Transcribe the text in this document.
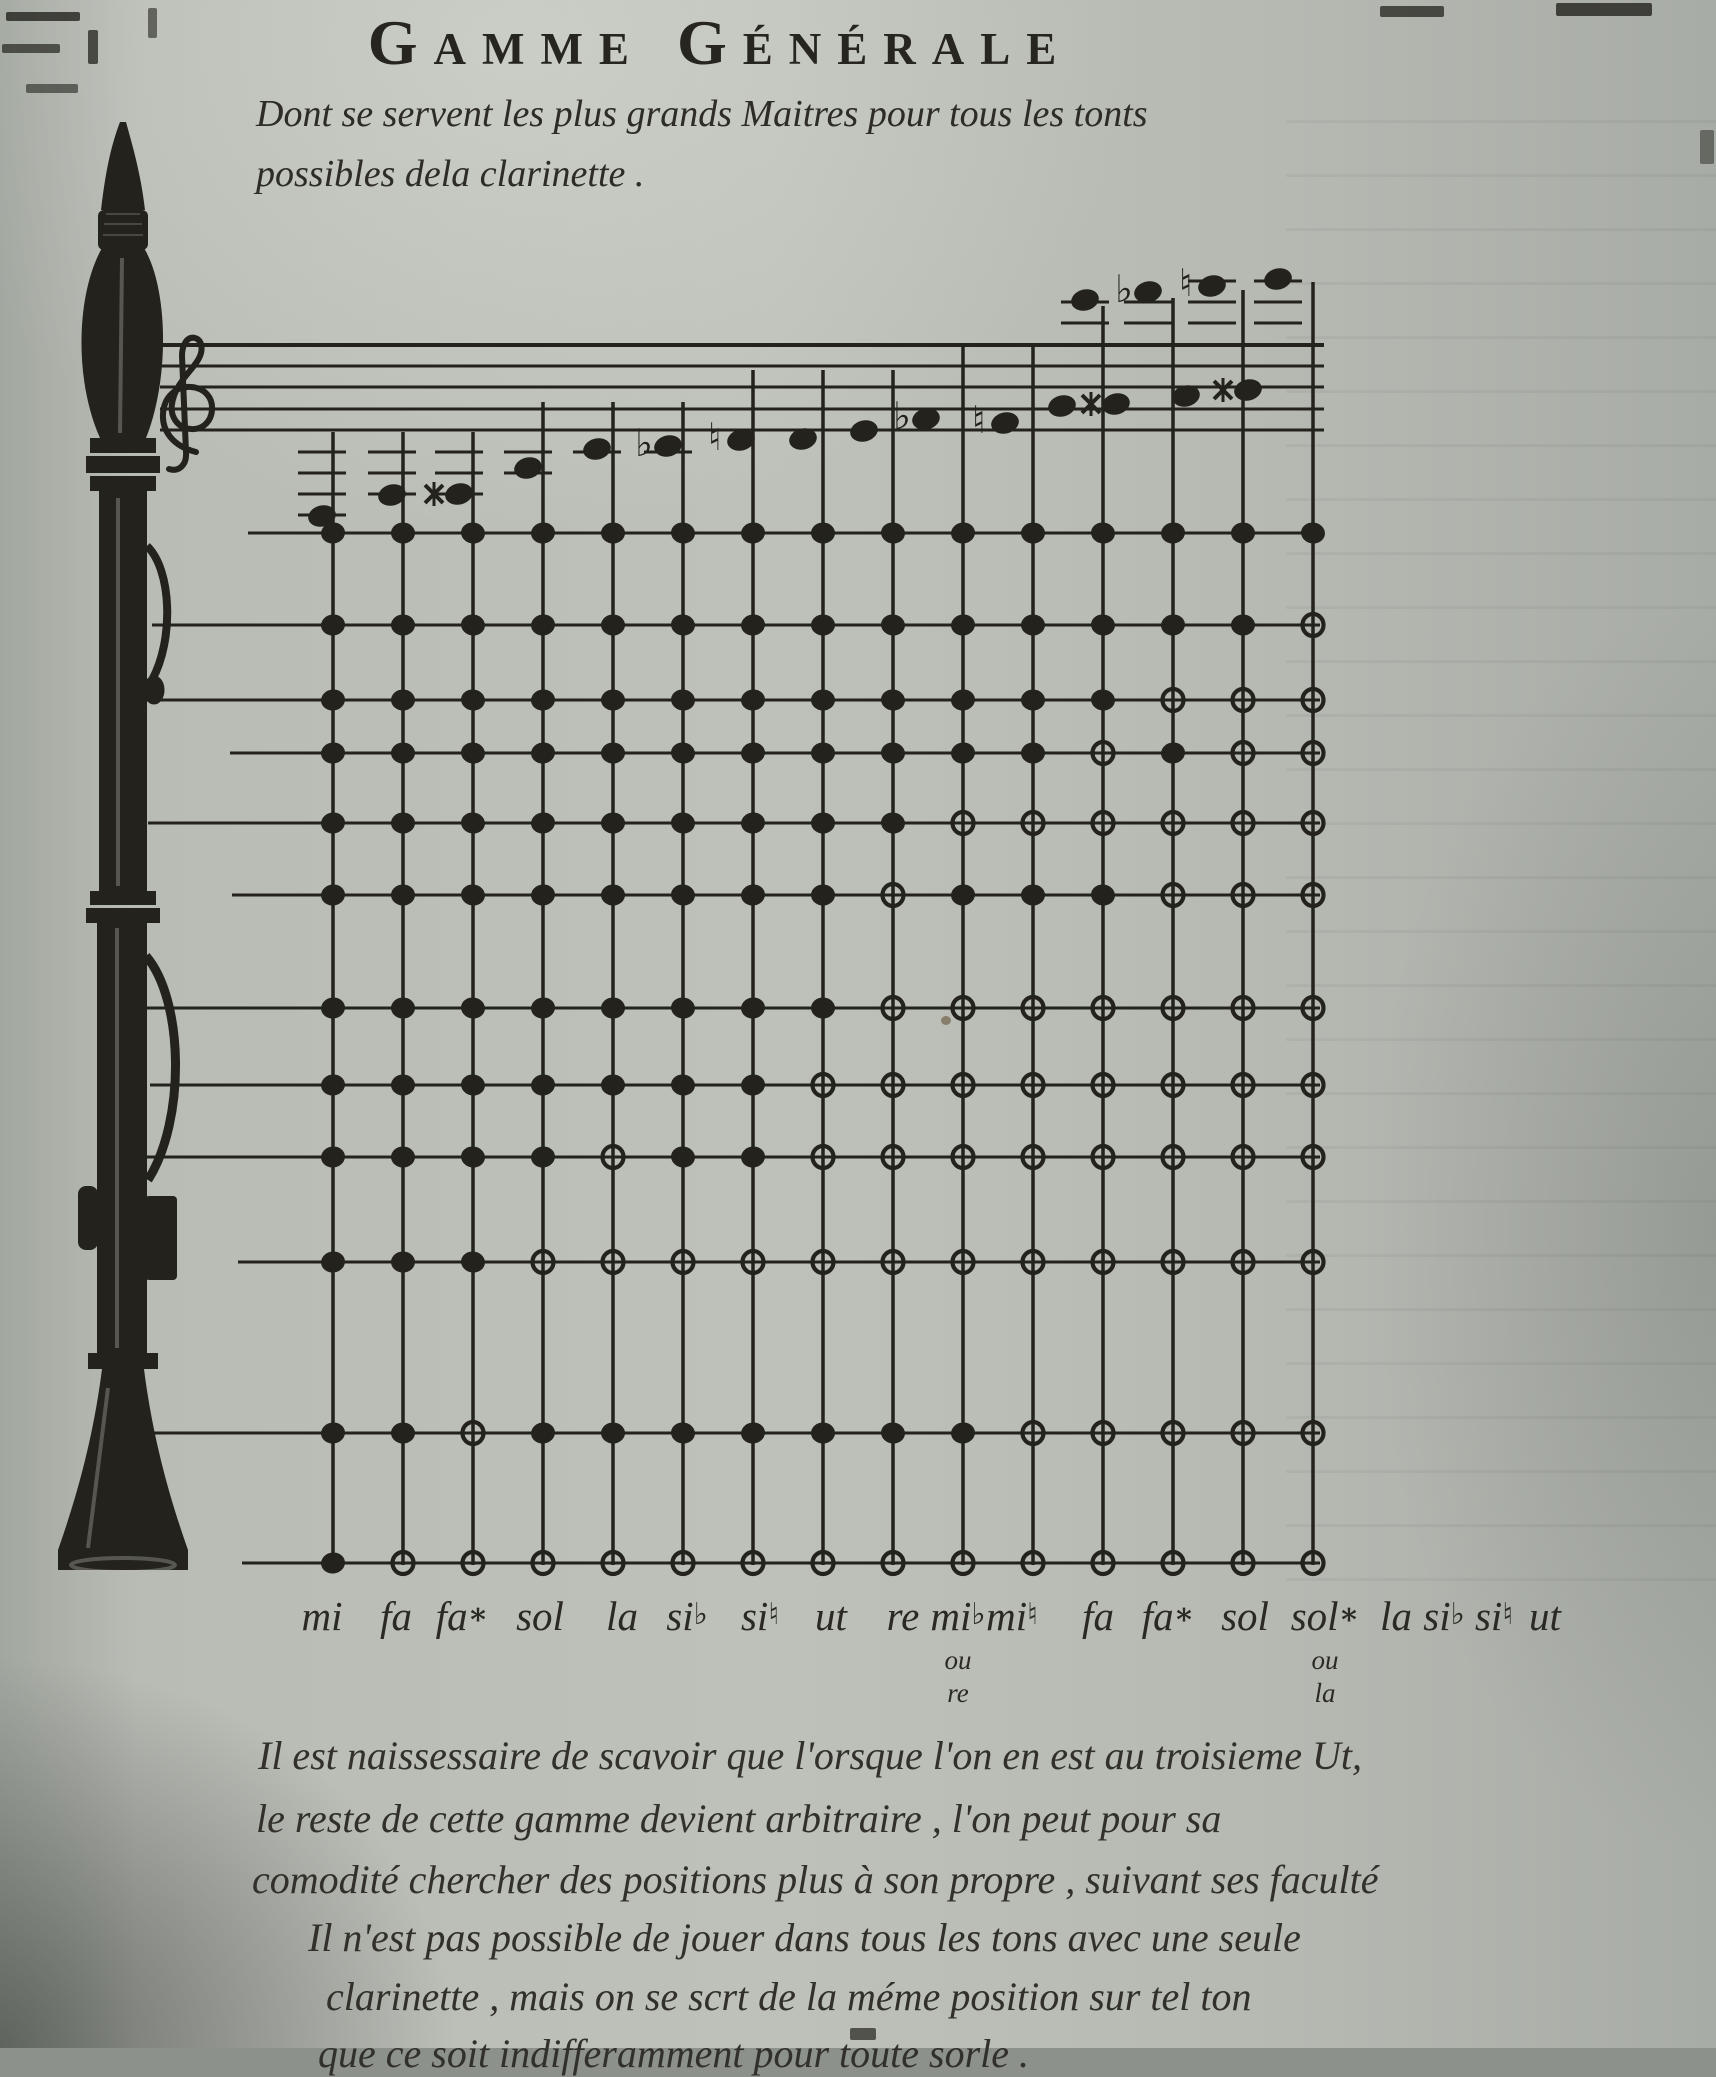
Gamme Générale
Dont se servent les plus grands Maitres pour tous les tonts
possibles dela clarinette .
♭ ♮	♭ ♮
♭ ♮
mi fa fa∗ sol la si♭ si♮ ut re mi♭
ou
re
mi♮ fa fa∗ sol sol∗
ou
la
la si♭ si♮ ut
Il est naissessaire de scavoir que l'orsque l'on en est au troisieme Ut,
le reste de cette gamme devient arbitraire , l'on peut pour sa
comodité chercher des positions plus à son propre , suivant ses faculté
Il n'est pas possible de jouer dans tous les tons avec une seule
clarinette , mais on se scrt de la méme position sur tel ton
que ce soit indifferamment pour toute sorle .
